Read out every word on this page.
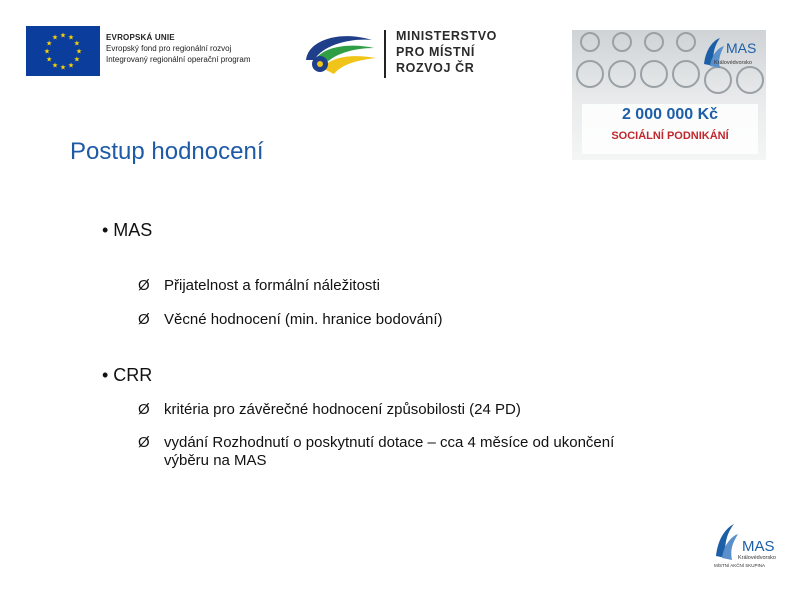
★ ★
★
★
★
★
★
★
★
★
★
★	EVROPSKÁ UNIE
Evropský fond pro regionální rozvoj
Integrovaný regionální operační program
MINISTERSTVO
PRO MÍSTNÍ
ROZVOJ ČR
MAS
Královédvorsko
2 000 000 Kč
SOCIÁLNÍ PODNIKÁNÍ
Postup hodnocení
• MAS
Ø Přijatelnost a formální náležitosti
Ø Věcné hodnocení (min. hranice bodování)
• CRR
Ø kritéria pro závěrečné hodnocení způsobilosti (24 PD)
Ø vydání Rozhodnutí o poskytnutí dotace – cca 4 měsíce od ukončení
výběru na MAS
MAS
Královédvorsko
MÍSTNÍ AKČNÍ SKUPINA
